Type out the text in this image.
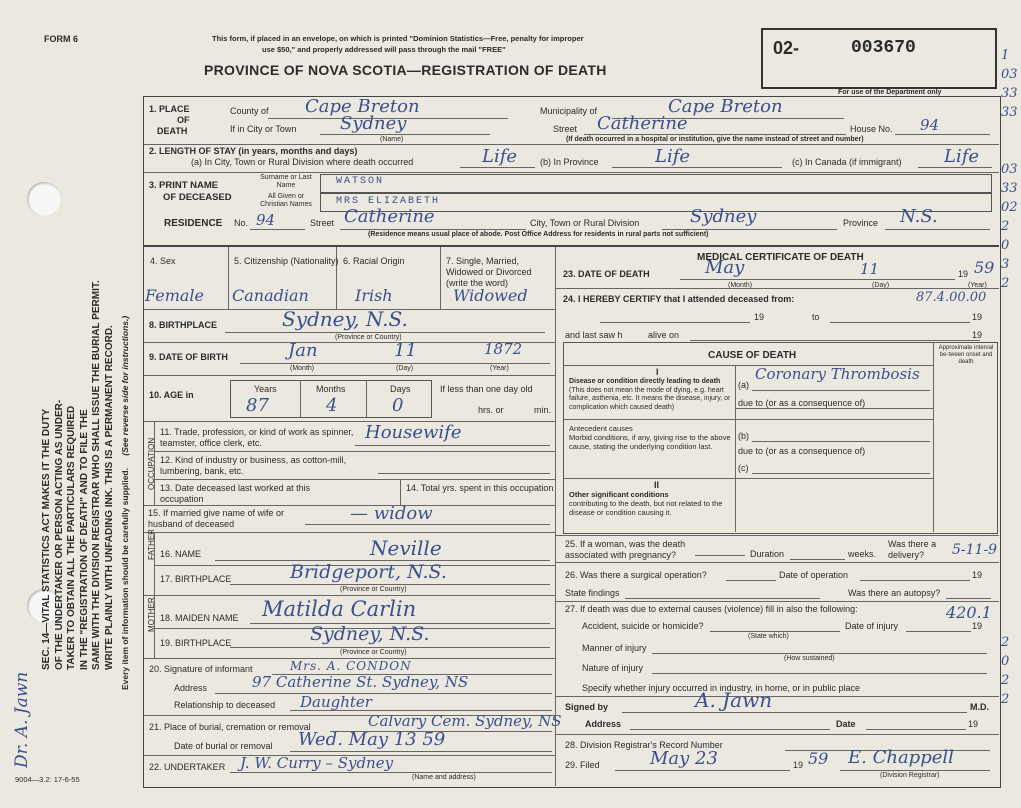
FORM 6	This form, if placed in an envelope, on which is printed "Dominion Statistics—Free, penalty for improper
use $50," and properly addressed will pass through the mail "FREE"
PROVINCE OF NOVA SCOTIA—REGISTRATION OF DEATH
02-	003670
For use of the Department only
1
03
33
33
03
33
02
2
0
3
2
2
0
2
2
SEC. 14—VITAL STATISTICS ACT MAKES IT THE DUTY OF THE UNDERTAKER OR PERSON ACTING AS UNDER- TAKER TO OBTAIN ALL THE PARTICULARS REQUIRED IN THE "REGISTRATION OF DEATH" AND TO FILE THE SAME WITH THE DIVISION REGISTRAR WHO SHALL ISSUE THE BURIAL PERMIT. WRITE PLAINLY WITH UNFADING INK. THIS IS A PERMANENT RECORD. Every item of information should be carefully supplied. (See reverse side for instructions.)
Dr. A. Jawn
9004—3.2: 17-6-55
1. PLACE
OF
DEATH
County of Cape Breton	Municipality of	Cape Breton
If in City or Town Sydney
(Name)
Street Catherine	House No. 94
(If death occurred in a hospital or institution, give the name instead of street and number)
2. LENGTH OF STAY (in years, months and days)
(a) In City, Town or Rural Division where death occurred	Life	(b) In Province	Life	(c) In Canada (if immigrant) Life
3. PRINT NAME
OF DECEASED
Surname or Last Name	WATSON
All Given or Christian Names	MRS ELIZABETH
RESIDENCE No. 94	Street Catherine	City, Town or Rural Division	Sydney	Province N.S.
(Residence means usual place of abode. Post Office Address for residents in rural parts not sufficient)
4. Sex	5. Citizenship (Nationality) 6. Racial Origin	7. Single, Married, Widowed or Divorced (write the word)
Female Canadian	Irish	Widowed
8. BIRTHPLACE	Sydney, N.S.
(Province or Country)
9. DATE OF BIRTH	Jan	11	1872
(Month)	(Day)	(Year)
10. AGE in
Years	Months	Days
87	4	0
If less than one day old
hrs. or	min.
OCCUPATION
11. Trade, profession, or kind of work as spinner, teamster, office clerk, etc.	Housewife
12. Kind of industry or business, as cotton-mill, lumbering, bank, etc.
13. Date deceased last worked at this occupation
14. Total yrs. spent in this occupation
15. If married give name of wife or husband of deceased	— widow
FATHER 16. NAME	Neville
17. BIRTHPLACE	Bridgeport, N.S.
(Province or Country)
MOTHER 18. MAIDEN NAME Matilda Carlin
19. BIRTHPLACE	Sydney, N.S.
(Province or Country)
20. Signature of informant	Mrs. A. CONDON
Address	97 Catherine St. Sydney, NS
Relationship to deceased Daughter
21. Place of burial, cremation or removal	Calvary Cem. Sydney, NS
Date of burial or removal Wed. May 13 59
22. UNDERTAKER J. W. Curry – Sydney
(Name and address)
MEDICAL CERTIFICATE OF DEATH
23. DATE OF DEATH	May	11	19 59
(Month)	(Day)	(Year)
24. I HEREBY CERTIFY that I attended deceased from:	87.4.00.00
19	to	19
and last saw h	alive on	19
CAUSE OF DEATH
Approximate interval be-tween onset and death
I
Disease or condition directly leading to death
(This does not mean the mode of dying, e.g. heart failure, asthenia, etc. It means the disease, injury, or complication which caused death)
(a)
Coronary Thrombosis
due to (or as a consequence of)
Antecedent causes
Morbid conditions, if any, giving rise to the above cause, stating the underlying condition last.
(b)
due to (or as a consequence of)
(c)
II
Other significant conditions
contributing to the death, but not related to the disease or condition causing it.
25. If a woman, was the death associated with pregnancy?	Duration	weeks.
Was there a delivery?	5-11-9
26. Was there a surgical operation?	Date of operation	19
State findings	Was there an autopsy?
27. If death was due to external causes (violence) fill in also the following:	420.1
Accident, suicide or homicide?
(State which)
Date of injury	19
Manner of injury
(How sustained)
Nature of injury
Specify whether injury occurred in industry, in home, or in public place
Signed by	A. Jawn	M.D.
Address	Date	19
28. Division Registrar's Record Number
29. Filed	May 23	19 59 E. Chappell
(Division Registrar)
